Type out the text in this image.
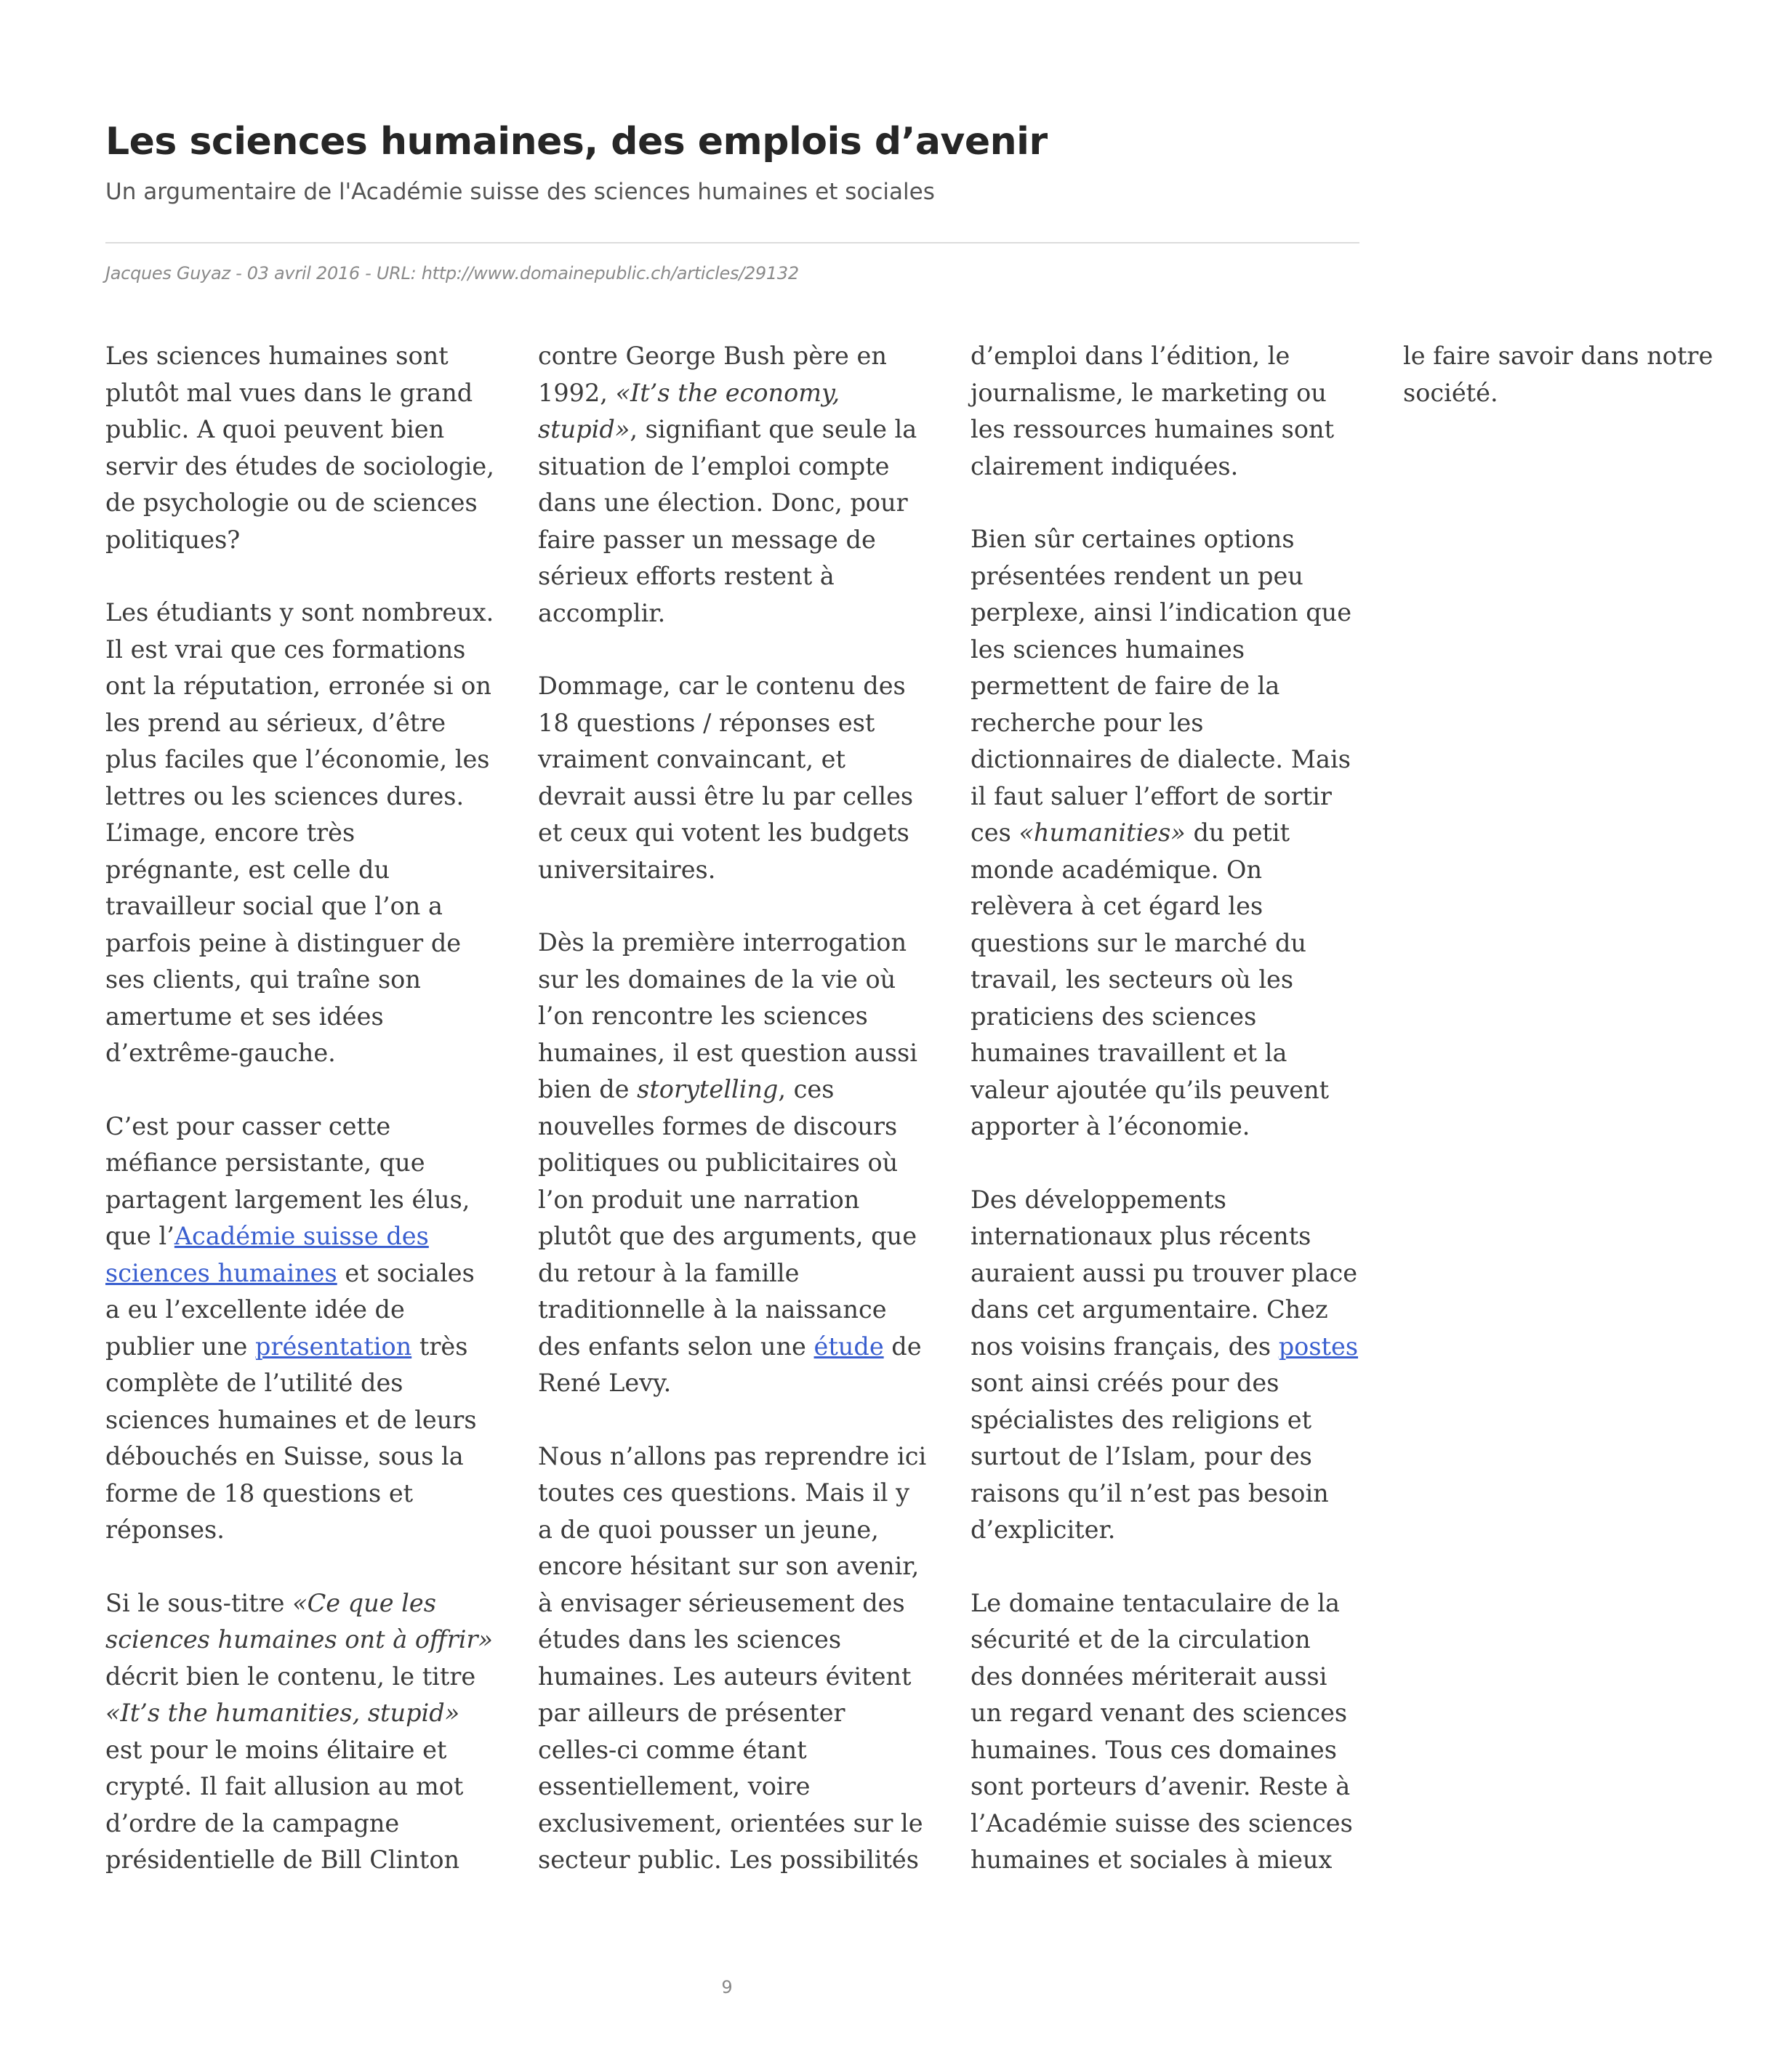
Les sciences humaines, des emplois d’avenir

Un argumentaire de l'Académie suisse des sciences humaines et sociales

Jacques Guyaz - 03 avril 2016 - URL: http://www.domainepublic.ch/articles/29132

Les sciences humaines sont plutôt mal vues dans le grand public. A quoi peuvent bien servir des études de sociologie, de psychologie ou de sciences politiques?

Les étudiants y sont nombreux. Il est vrai que ces formations ont la réputation, erronée si on les prend au sérieux, d’être plus faciles que l’économie, les lettres ou les sciences dures. L’image, encore très prégnante, est celle du travailleur social que l’on a parfois peine à distinguer de ses clients, qui traîne son amertume et ses idées d’extrême-gauche.

C’est pour casser cette méfiance persistante, que partagent largement les élus, que l’Académie suisse des sciences humaines et sociales a eu l’excellente idée de publier une présentation très complète de l’utilité des sciences humaines et de leurs débouchés en Suisse, sous la forme de 18 questions et réponses.

Si le sous-titre «Ce que les sciences humaines ont à offrir» décrit bien le contenu, le titre «It’s the humanities, stupid» est pour le moins élitaire et crypté. Il fait allusion au mot d’ordre de la campagne présidentielle de Bill Clinton contre George Bush père en 1992, «It’s the economy, stupid», signifiant que seule la situation de l’emploi compte dans une élection. Donc, pour faire passer un message de sérieux efforts restent à accomplir.

Dommage, car le contenu des 18 questions / réponses est vraiment convaincant, et devrait aussi être lu par celles et ceux qui votent les budgets universitaires.

Dès la première interrogation sur les domaines de la vie où l’on rencontre les sciences humaines, il est question aussi bien de storytelling, ces nouvelles formes de discours politiques ou publicitaires où l’on produit une narration plutôt que des arguments, que du retour à la famille traditionnelle à la naissance des enfants selon une étude de René Levy.

Nous n’allons pas reprendre ici toutes ces questions. Mais il y a de quoi pousser un jeune, encore hésitant sur son avenir, à envisager sérieusement des études dans les sciences humaines. Les auteurs évitent par ailleurs de présenter celles-ci comme étant essentiellement, voire exclusivement, orientées sur le secteur public. Les possibilités d’emploi dans l’édition, le journalisme, le marketing ou les ressources humaines sont clairement indiquées.

Bien sûr certaines options présentées rendent un peu perplexe, ainsi l’indication que les sciences humaines permettent de faire de la recherche pour les dictionnaires de dialecte. Mais il faut saluer l’effort de sortir ces «humanities» du petit monde académique. On relèvera à cet égard les questions sur le marché du travail, les secteurs où les praticiens des sciences humaines travaillent et la valeur ajoutée qu’ils peuvent apporter à l’économie.

Des développements internationaux plus récents auraient aussi pu trouver place dans cet argumentaire. Chez nos voisins français, des postes sont ainsi créés pour des spécialistes des religions et surtout de l’Islam, pour des raisons qu’il n’est pas besoin d’expliciter.

Le domaine tentaculaire de la sécurité et de la circulation des données mériterait aussi un regard venant des sciences humaines. Tous ces domaines sont porteurs d’avenir. Reste à l’Académie suisse des sciences humaines et sociales à mieux le faire savoir dans notre société.

9
